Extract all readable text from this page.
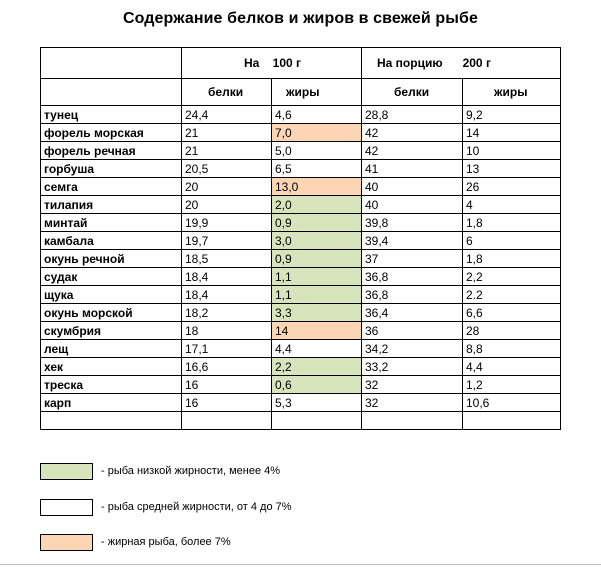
Содержание белков и жиров в свежей рыбе
	На    100 г		На порцию      200 г	
	белки	жиры	белки	жиры
тунец	24,4	4,6	28,8	9,2
форель морская	21	7,0	42	14
форель речная	21	5,0	42	10
горбуша	20,5	6,5	41	13
семга	20	13,0	40	26
тилапия	20	2,0	40	4
минтай	19,9	0,9	39,8	1,8
камбала	19,7	3,0	39,4	6
окунь речной	18,5	0,9	37	1,8
судак	18,4	1,1	36,8	2,2
щука	18,4	1,1	36,8	2.2
окунь морской	18,2	3,3	36,4	6,6
скумбрия	18	14	36	28
лещ	17,1	4,4	34,2	8,8
хек	16,6	2,2	33,2	4,4
треска	16	0,6	32	1,2
карп	16	5,3	32	10,6

- рыба низкой жирности, менее 4%
- рыба средней жирности, от 4 до 7%
- жирная рыба, более 7%
